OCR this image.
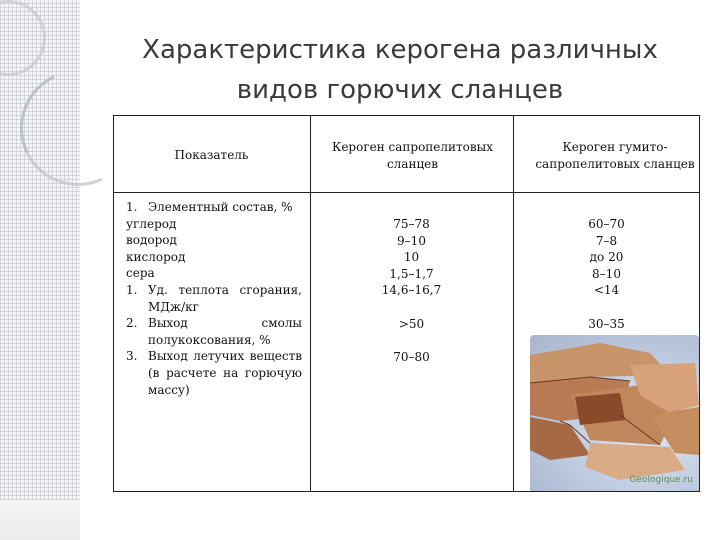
Характеристика керогена различных видов горючих сланцев
Показатель
Кероген сапропелитовых сланцев
Кероген гумито-сапропелитовых сланцев
1. Элементный состав, %
углерод
водород
кислород
сера
1. Уд. теплота сгорания,
МДж/кг
2. Выход смолы
полукоксования, %
3. Выход летучих веществ
(в расчете на горючую
массу)
75–78
9–10
10
1,5–1,7
14,6–16,7
>50
70–80
60–70
7–8
до 20
8–10
<14
30–35
Geologique.ru
